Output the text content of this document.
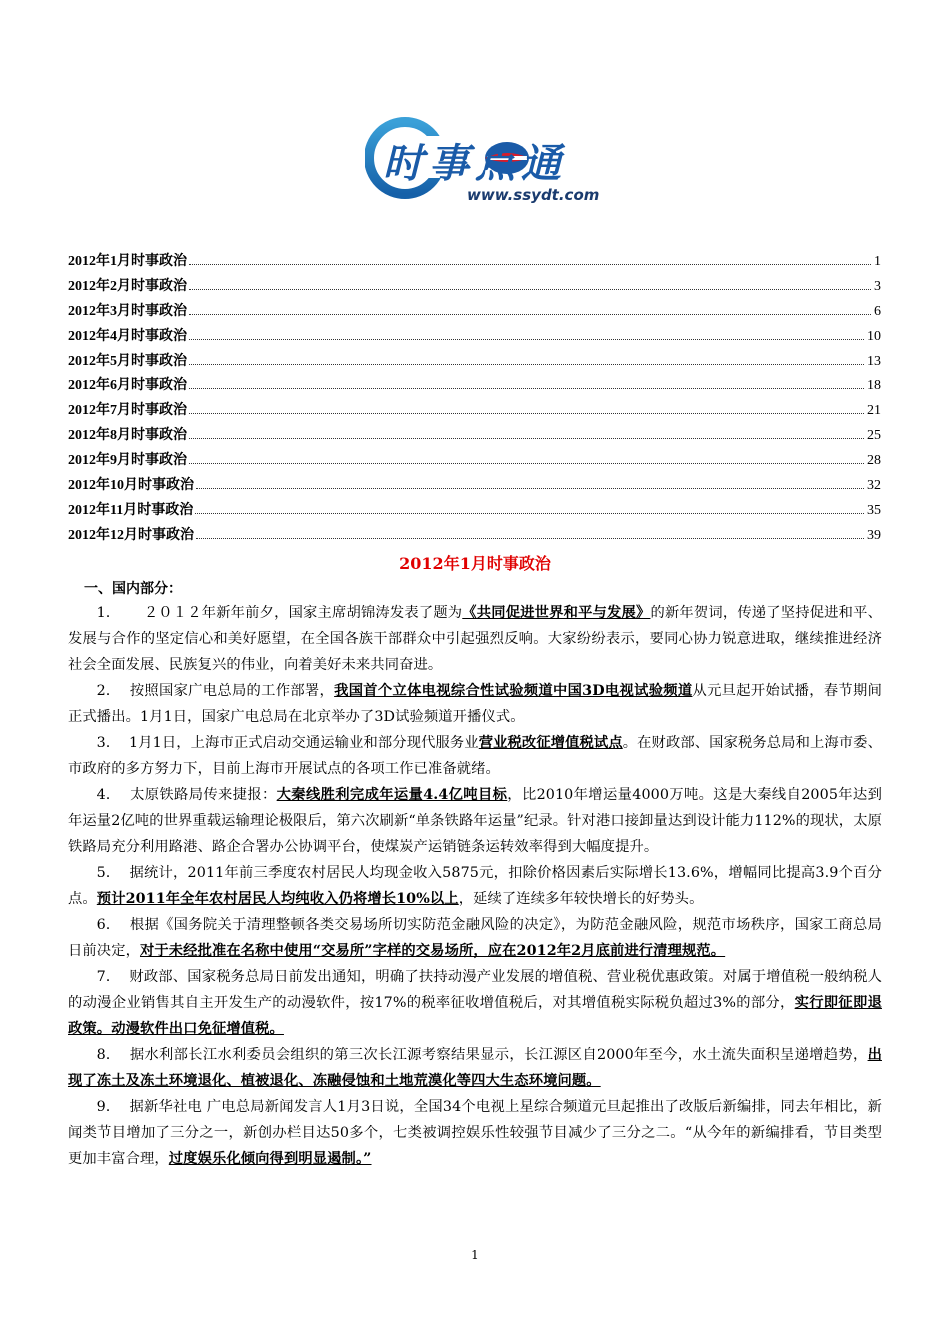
时事点通
www.ssydt.com
2012年1月时事政治	1
2012年2月时事政治	3
2012年3月时事政治	6
2012年4月时事政治	10
2012年5月时事政治	13
2012年6月时事政治	18
2012年7月时事政治	21
2012年8月时事政治	25
2012年9月时事政治	28
2012年10月时事政治	32
2012年11月时事政治	35
2012年12月时事政治	39
2012年1月时事政治
一、国内部分：

1.    　２０１２年新年前夕，国家主席胡锦涛发表了题为《共同促进世界和平与发展》的新年贺词，传递了坚持促进和平、发展与合作的坚定信心和美好愿望，在全国各族干部群众中引起强烈反响。大家纷纷表示，要同心协力锐意进取，继续推进经济社会全面发展、民族复兴的伟业，向着美好未来共同奋进。

2. 按照国家广电总局的工作部署，我国首个立体电视综合性试验频道中国3D电视试验频道从元旦起开始试播，春节期间正式播出。1月1日，国家广电总局在北京举办了3D试验频道开播仪式。

3. 1月1日，上海市正式启动交通运输业和部分现代服务业营业税改征增值税试点。在财政部、国家税务总局和上海市委、市政府的多方努力下，目前上海市开展试点的各项工作已准备就绪。

4. 太原铁路局传来捷报：大秦线胜利完成年运量4.4亿吨目标，比2010年增运量4000万吨。这是大秦线自2005年达到年运量2亿吨的世界重载运输理论极限后，第六次刷新“单条铁路年运量”纪录。针对港口接卸量达到设计能力112%的现状，太原铁路局充分利用路港、路企合署办公协调平台，使煤炭产运销链条运转效率得到大幅度提升。

5. 据统计，2011年前三季度农村居民人均现金收入5875元，扣除价格因素后实际增长13.6%，增幅同比提高3.9个百分点。预计2011年全年农村居民人均纯收入仍将增长10%以上，延续了连续多年较快增长的好势头。

6. 根据《国务院关于清理整顿各类交易场所切实防范金融风险的决定》，为防范金融风险，规范市场秩序，国家工商总局日前决定，对于未经批准在名称中使用“交易所”字样的交易场所，应在2012年2月底前进行清理规范。

7. 财政部、国家税务总局日前发出通知，明确了扶持动漫产业发展的增值税、营业税优惠政策。对属于增值税一般纳税人的动漫企业销售其自主开发生产的动漫软件，按17%的税率征收增值税后，对其增值税实际税负超过3%的部分，实行即征即退政策。动漫软件出口免征增值税。

8. 据水利部长江水利委员会组织的第三次长江源考察结果显示，长江源区自2000年至今，水土流失面积呈递增趋势，出现了冻土及冻土环境退化、植被退化、冻融侵蚀和土地荒漠化等四大生态环境问题。

9. 据新华社电 广电总局新闻发言人1月3日说，全国34个电视上星综合频道元旦起推出了改版后新编排，同去年相比，新闻类节目增加了三分之一，新创办栏目达50多个，七类被调控娱乐性较强节目减少了三分之二。“从今年的新编排看，节目类型更加丰富合理，过度娱乐化倾向得到明显遏制。”

1
